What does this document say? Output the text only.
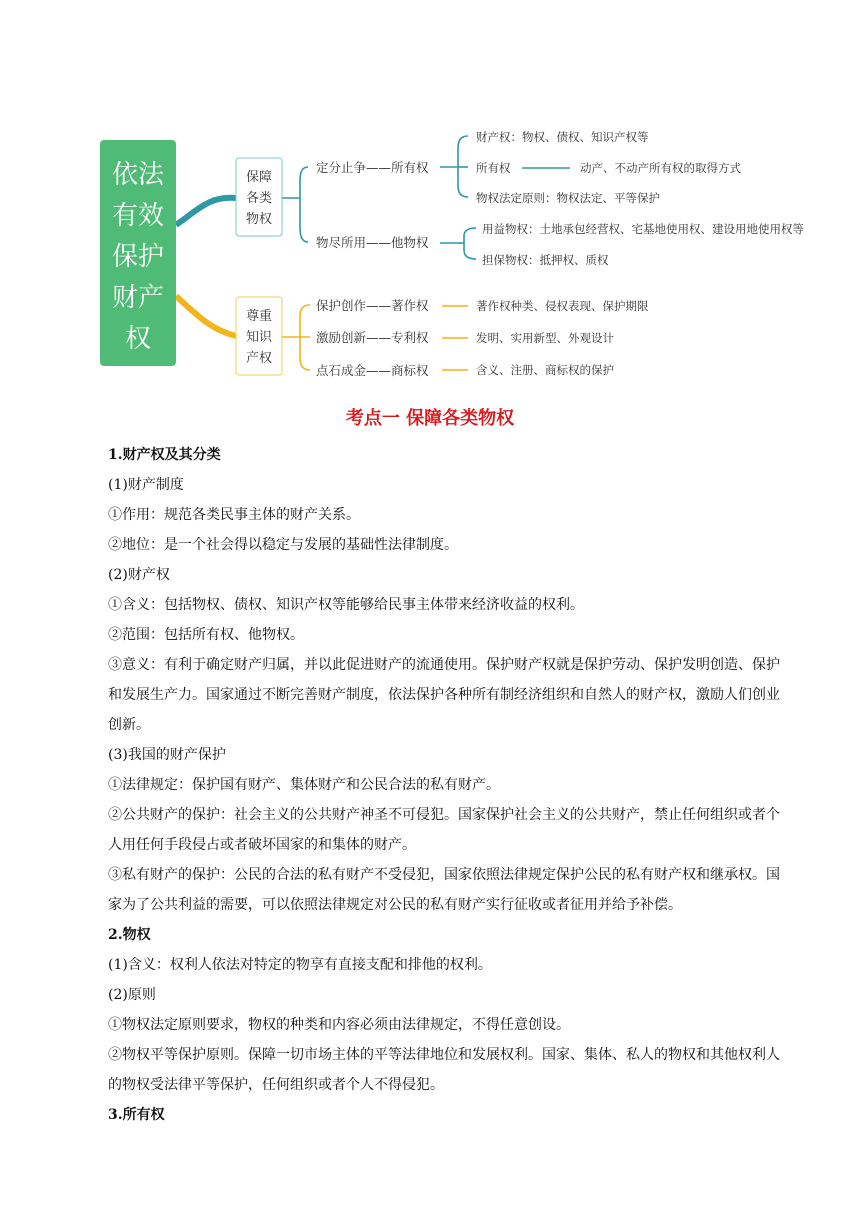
依法
有效
保护
财产
权
保障
各类
物权
定分止争——所有权
物尽所用——他物权
财产权：物权、债权、知识产权等
所有权
物权法定原则：物权法定、平等保护
动产、不动产所有权的取得方式
用益物权：土地承包经营权、宅基地使用权、建设用地使用权等
担保物权：抵押权、质权
尊重
知识
产权
保护创作——著作权
激励创新——专利权
点石成金——商标权
著作权种类、侵权表现、保护期限
发明、实用新型、外观设计
含义、注册、商标权的保护
考点一 保障各类物权

1.财产权及其分类

(1)财产制度

①作用：规范各类民事主体的财产关系。

②地位：是一个社会得以稳定与发展的基础性法律制度。

(2)财产权

①含义：包括物权、债权、知识产权等能够给民事主体带来经济收益的权利。

②范围：包括所有权、他物权。

③意义：有利于确定财产归属，并以此促进财产的流通使用。保护财产权就是保护劳动、保护发明创造、保护和发展生产力。国家通过不断完善财产制度，依法保护各种所有制经济组织和自然人的财产权，激励人们创业创新。

(3)我国的财产保护

①法律规定：保护国有财产、集体财产和公民合法的私有财产。

②公共财产的保护：社会主义的公共财产神圣不可侵犯。国家保护社会主义的公共财产，禁止任何组织或者个人用任何手段侵占或者破坏国家的和集体的财产。

③私有财产的保护：公民的合法的私有财产不受侵犯，国家依照法律规定保护公民的私有财产权和继承权。国家为了公共利益的需要，可以依照法律规定对公民的私有财产实行征收或者征用并给予补偿。

2.物权

(1)含义：权利人依法对特定的物享有直接支配和排他的权利。

(2)原则

①物权法定原则要求，物权的种类和内容必须由法律规定，不得任意创设。

②物权平等保护原则。保障一切市场主体的平等法律地位和发展权利。国家、集体、私人的物权和其他权利人的物权受法律平等保护，任何组织或者个人不得侵犯。

3.所有权
